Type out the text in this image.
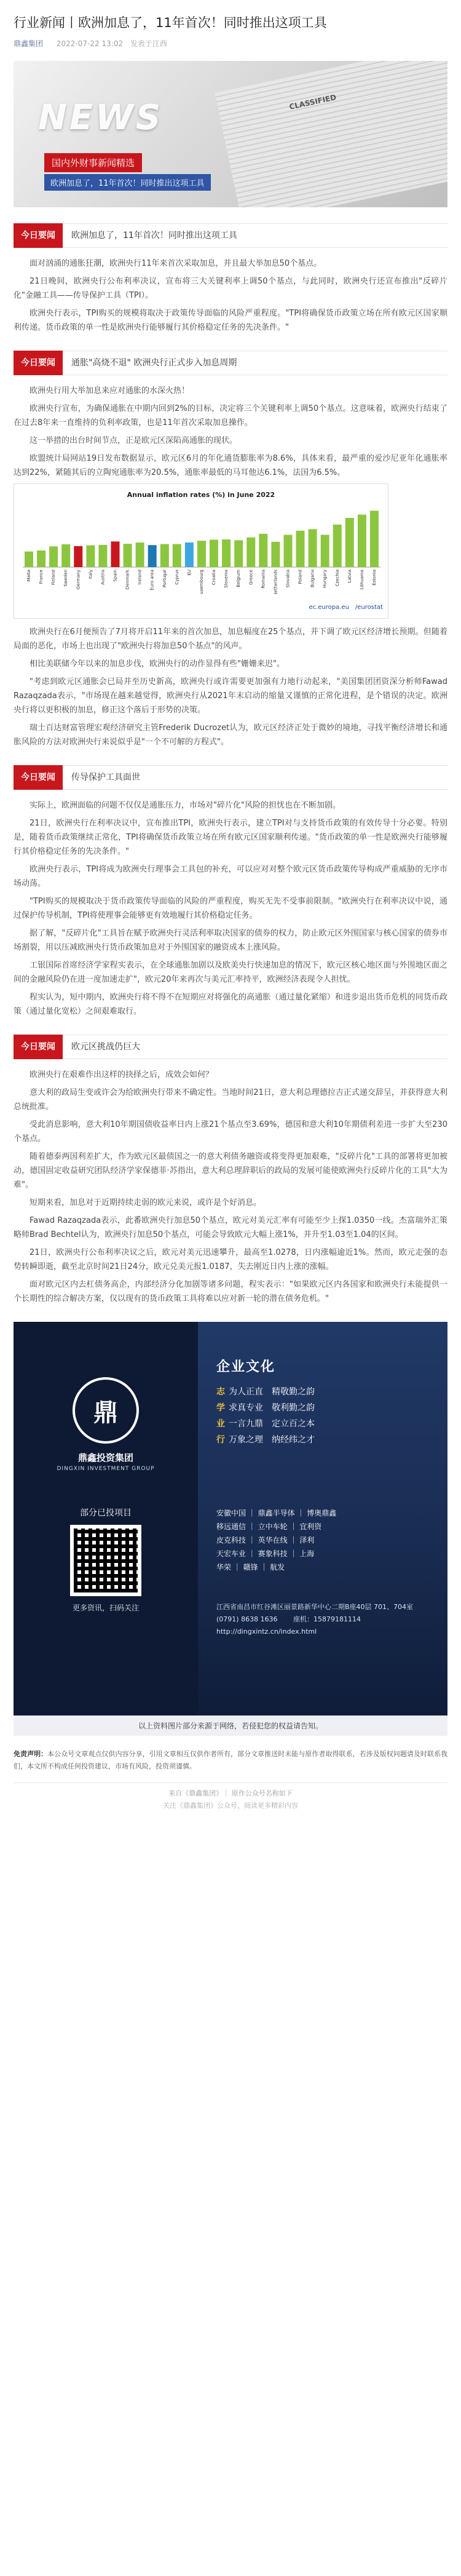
行业新闻丨欧洲加息了，11年首次！同时推出这项工具
鼎鑫集团 2022-07-22 13:02 发表于江西
CLASSIFIED
NEWS
国内外财事新闻精选
欧洲加息了，11年首次！同时推出这项工具
今日要闻	欧洲加息了，11年首次！同时推出这项工具

面对汹涌的通胀狂潮，欧洲央行11年来首次采取加息，并且最大举加息50个基点。

21日晚间，欧洲央行公布利率决议，宣布将三大关键利率上调50个基点，与此同时，欧洲央行还宣布推出"反碎片化"金融工具——传导保护工具（TPI）。

欧洲央行表示，TPI购买的规模将取决于政策传导面临的风险严重程度。"TPI将确保货币政策立场在所有欧元区国家顺利传递。货币政策的单一性是欧洲央行能够履行其价格稳定任务的先决条件。"

今日要闻	通胀"高烧不退" 欧洲央行正式步入加息周期

欧洲央行用大举加息来应对通胀的水深火热！

欧洲央行宣布，为确保通胀在中期内回到2%的目标，决定将三个关键利率上调50个基点。这意味着，欧洲央行结束了在过去8年来一直维持的负利率政策，也是11年首次采取加息操作。

这一举措的出台时间节点，正是欧元区深陷高通胀的现状。

欧盟统计局网站19日发布数据显示，欧元区6月的年化通货膨胀率为8.6%，具体来看，最严重的爱沙尼亚年化通胀率达到22%，紧随其后的立陶宛通胀率为20.5%，通胀率最低的马耳他达6.1%，法国为6.5%。

Annual inflation rates (%) in June 2022
Malta France Finland Sweden Germany Italy Austria Spain Denmark Ireland Euro area Portugal Cyprus EU Luxembourg Croatia Slovenia Belgium Greece Romania Netherlands Slovakia Poland Bulgaria Hungary Czechia Latvia Lithuania Estonia
ec.europa.eu /eurostat

欧洲央行在6月便预告了7月将开启11年来的首次加息，加息幅度在25个基点，并下调了欧元区经济增长预期。但随着局面的恶化，市场上也出现了"欧洲央行将加息50个基点"的风声。

相比美联储今年以来的加息步伐，欧洲央行的动作显得有些"姗姗来迟"。

"考虑到欧元区通胀会已局并至历史新高，欧洲央行或许需要更加强有力地行动起来，"美国集团团资深分析师Fawad Razaqzada表示，"市场现在越来越觉得，欧洲央行从2021年末启动的缩量又谨慎的正常化进程，是个错误的决定。欧洲央行将以更积极的加息，修正这个落后于形势的决策。

瑞士百达财富管理宏观经济研究主管Frederik Ducrozet认为，欧元区经济正处于微妙的境地，寻找平衡经济增长和通胀风险的方法对欧洲央行来说似乎是"一个不可解的方程式"。

今日要闻	传导保护工具面世

实际上，欧洲面临的问题不仅仅是通胀压力，市场对"碎片化"风险的担忧也在不断加剧。

21日，欧洲央行在利率决议中，宣布推出TPI，欧洲央行表示，建立TPI对与支持货币政策的有效传导十分必要。特别是，随着货币政策继续正常化，TPI将确保货币政策立场在所有欧元区国家顺利传递。"货币政策的单一性是欧洲央行能够履行其价格稳定任务的先决条件。"

欧洲央行表示，TPI将成为欧洲央行理事会工具包的补充，可以应对对整个欧元区货币政策传导构成严重威胁的无序市场动荡。

"TPI购买的规模取决于货币政策传导面临的风险的严重程度，购买无先不受事前限制。"欧洲央行在利率决议中说，通过保护传导机制，TPI将使理事会能够更有效地履行其价格稳定任务。

据了解，"反碎片化"工具旨在赋予欧洲央行灵活利率取决国家的债券的权力，防止欧元区外围国家与核心国家的债券市场割裂，用以压减欧洲央行货币政策加息对于外围国家的融资成本上涨风险。

工银国际首席经济学家程实表示，在全球通胀加剧以及欧美央行快速加息的情况下，欧元区核心地区面与外围地区面之间的金融风险仍在进一度加速走扩"，欧元20年来再次与美元汇率持平，欧洲经济表现令人担忧。

程实认为，短中期内，欧洲央行将不得不在短期应对将强化的高通胀（通过量化紧缩）和进步退出货币危机的同货币政策（通过量化宽松）之间艰难取行。

今日要闻	欧元区挑战仍巨大

欧洲央行在艰难作出这样的抉择之后，成效会如何？

意大利的政局生变或许会为给欧洲央行带来不确定性。当地时间21日，意大利总理德拉吉正式递交辞呈，并获得意大利总统批准。

受此消息影响，意大利10年期国债收益率日内上涨21个基点至3.69%，德国和意大利10年期债利差进一步扩大至230个基点。

随着德泰两国利差扩大，作为欧元区最债国之一的意大利债务融资或将变得更加艰难，"反碎片化"工具的部署将更加被动，德国固定收益研究团队经济学家保德菲·苏指出，意大利总理辞职后的政局的发展可能使欧洲央行反碎片化的工具"大为难"。

短期来看，加息对于近期持续走弱的欧元来说，或许是个好消息。

Fawad Razaqzada表示，此番欧洲央行加息50个基点，欧元对美元汇率有可能至少上探1.0350一线。杰富瑞外汇策略师Brad Bechtel认为，欧洲央行加息50个基点，可能会导致欧元大幅上涨1%，并升至1.03至1.04的区间。

21日，欧洲央行公布利率决议之后，欧元对美元迅速攀升，最高至1.0278，日内涨幅逾近1%。然而，欧元走强的态势转瞬即逝，截至北京时间21日24分，欧元兑美元报1.0187，失去刚近日内上涨的涨幅。

面对欧元区内去杠债务高企，内部经济分化加剧等诸多问题，程实表示："如果欧元区内各国家和欧洲央行未能提供一个长期性的综合解决方案，仅以现有的货币政策工具将难以应对新一轮的潜在债务危机。"

鼎
鼎鑫投资集团
DINGXIN INVESTMENT GROUP
部分已投项目
更多资讯，扫码关注
企业文化
志 为人正直　精敬勤之韵
学 求真专业　敬利勤之韵
业 一言九鼎　定立百之本
行 万象之理　纳经纬之才
安徽中国 ｜ 鼎鑫半导体 ｜ 博奥鼎鑫
移远通信 ｜ 立中车轮 ｜ 宜利资
皮克科技 ｜ 英华在线 ｜ 泽利
天宏车业 ｜ 赛象科技 ｜ 上海
华荣 ｜ 赣锋 ｜ 航发
江西省南昌市红谷滩区丽景路新华中心二期B座40层 701、704室
(0791) 8638 1636　　 座机：15879181114
http://dingxintz.cn/index.html
以上资料图片部分来源于网络，若侵犯您的权益请告知。
免责声明：本公众号文章观点仅供内容分享，引用文章相互仅供作者所有，部分文章推送时未能与原作者取得联系，若涉及版权问题请及时联系我们，本文所不构成任何投资建议，市场有风险，投资须谨慎。
来自《鼎鑫集团》｜ 原作公众号名称如下
关注《鼎鑫集团》公众号，阅读更多精彩内容
